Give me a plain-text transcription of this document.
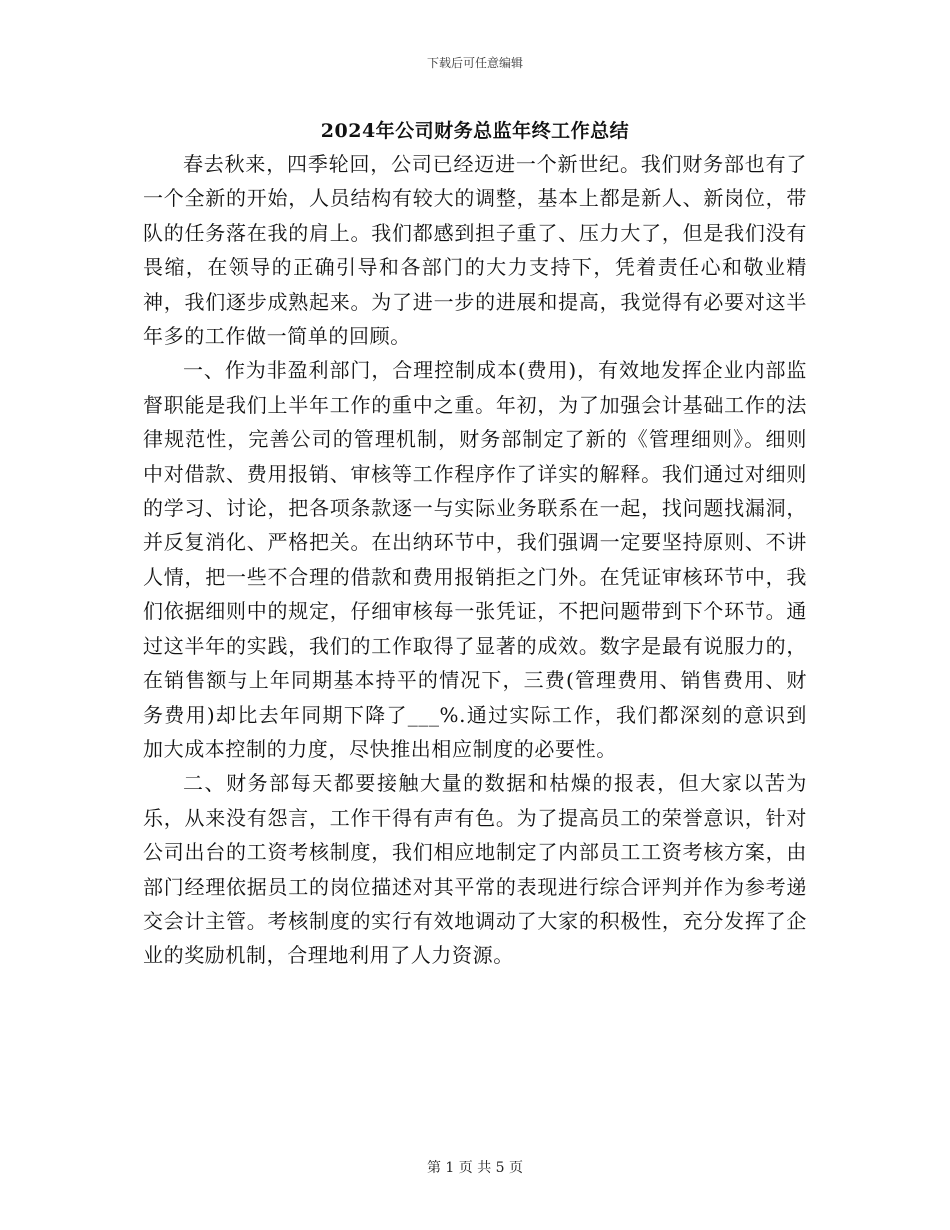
下载后可任意编辑
2024年公司财务总监年终工作总结

春去秋来，四季轮回，公司已经迈进一个新世纪。我们财务部也有了一个全新的开始，人员结构有较大的调整，基本上都是新人、新岗位，带队的任务落在我的肩上。我们都感到担子重了、压力大了，但是我们没有畏缩，在领导的正确引导和各部门的大力支持下，凭着责任心和敬业精神，我们逐步成熟起来。为了进一步的进展和提高，我觉得有必要对这半年多的工作做一简单的回顾。

一、作为非盈利部门，合理控制成本(费用)，有效地发挥企业内部监督职能是我们上半年工作的重中之重。年初，为了加强会计基础工作的法律规范性，完善公司的管理机制，财务部制定了新的《管理细则》。细则中对借款、费用报销、审核等工作程序作了详实的解释。我们通过对细则的学习、讨论，把各项条款逐一与实际业务联系在一起，找问题找漏洞，并反复消化、严格把关。在出纳环节中，我们强调一定要坚持原则、不讲人情，把一些不合理的借款和费用报销拒之门外。在凭证审核环节中，我们依据细则中的规定，仔细审核每一张凭证，不把问题带到下个环节。通过这半年的实践，我们的工作取得了显著的成效。数字是最有说服力的，在销售额与上年同期基本持平的情况下，三费(管理费用、销售费用、财务费用)却比去年同期下降了___%.通过实际工作，我们都深刻的意识到加大成本控制的力度，尽快推出相应制度的必要性。

二、财务部每天都要接触大量的数据和枯燥的报表，但大家以苦为乐，从来没有怨言，工作干得有声有色。为了提高员工的荣誉意识，针对公司出台的工资考核制度，我们相应地制定了内部员工工资考核方案，由部门经理依据员工的岗位描述对其平常的表现进行综合评判并作为参考递交会计主管。考核制度的实行有效地调动了大家的积极性，充分发挥了企业的奖励机制，合理地利用了人力资源。

第 1 页 共 5 页
